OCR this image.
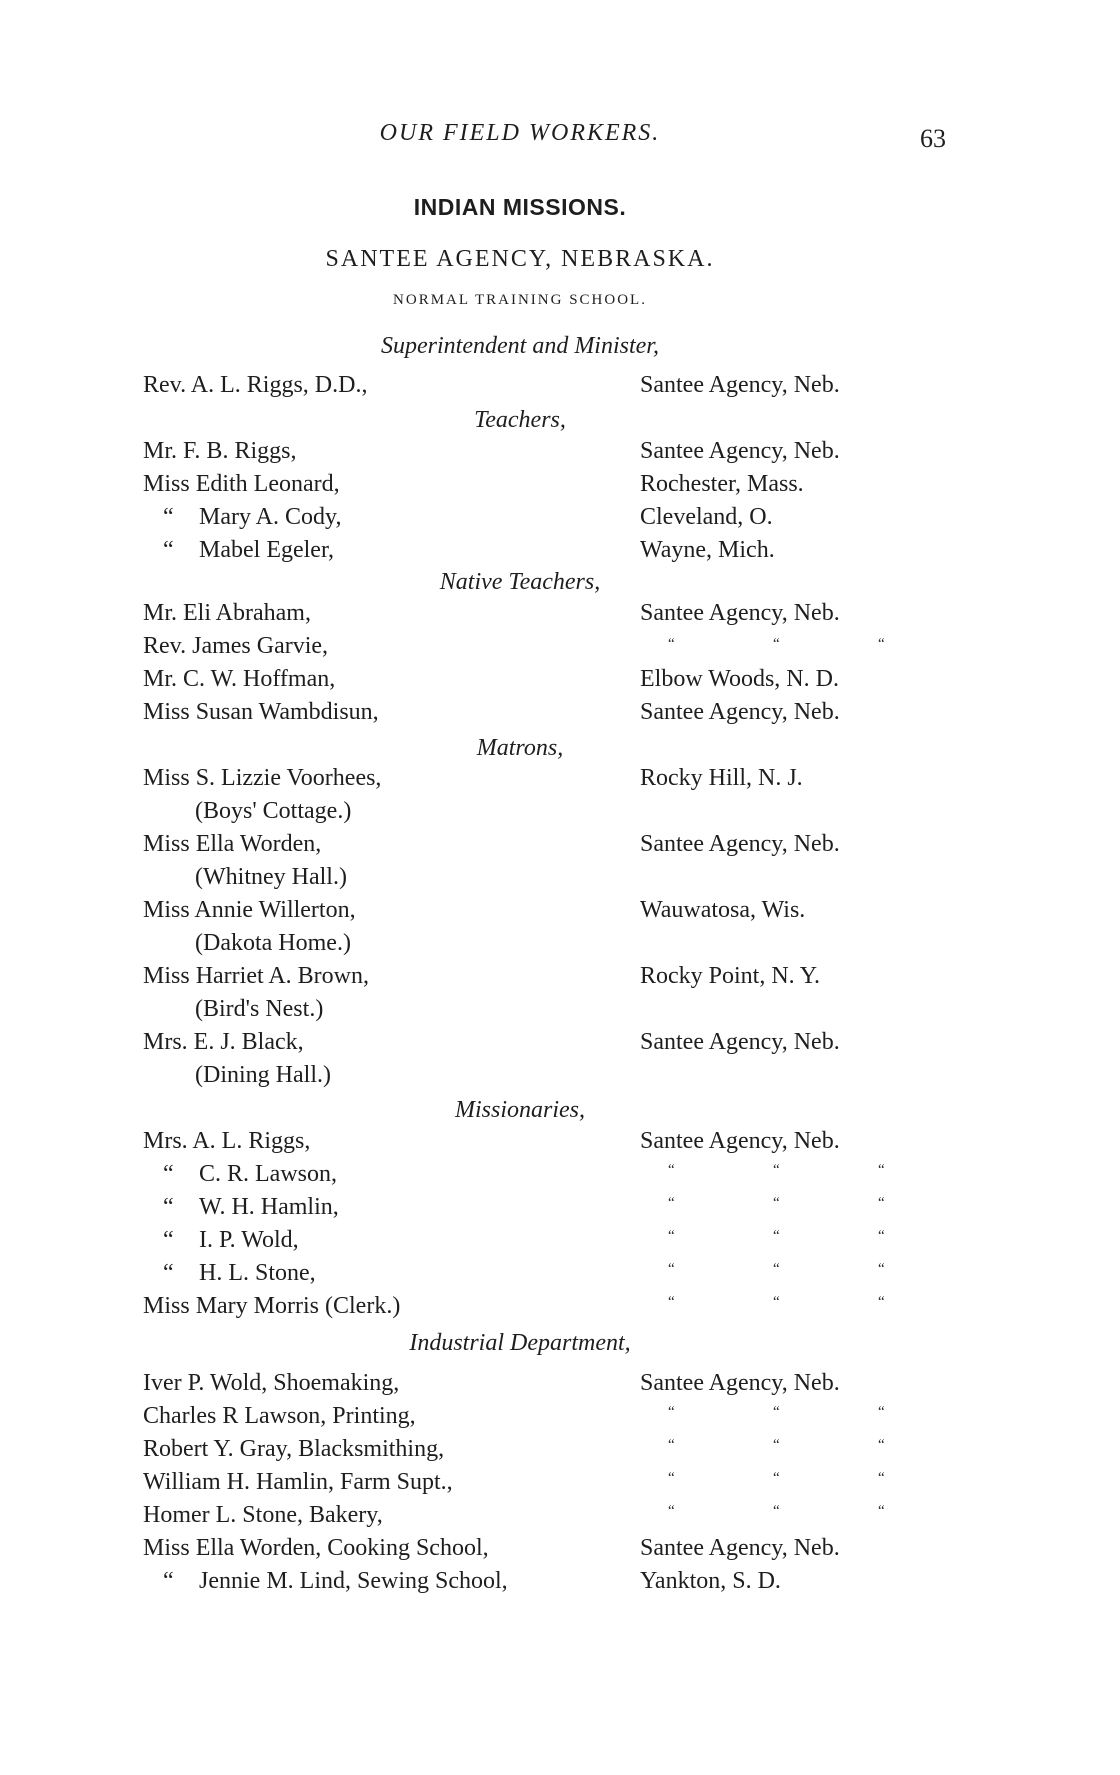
OUR FIELD WORKERS.	63
INDIAN MISSIONS.
SANTEE AGENCY, NEBRASKA.
NORMAL TRAINING SCHOOL.
Superintendent and Minister,
Rev. A. L. Riggs, D.D.,	Santee Agency, Neb.
Teachers,
Mr. F. B. Riggs,	Santee Agency, Neb.
Miss Edith Leonard,	Rochester, Mass.
“ Mary A. Cody,	Cleveland, O.
“ Mabel Egeler,	Wayne, Mich.
Native Teachers,
Mr. Eli Abraham,	Santee Agency, Neb.
Rev. James Garvie,	“	“	“
Mr. C. W. Hoffman,	Elbow Woods, N. D.
Miss Susan Wambdisun,	Santee Agency, Neb.
Matrons,
Miss S. Lizzie Voorhees,	Rocky Hill, N. J.
(Boys' Cottage.)
Miss Ella Worden,	Santee Agency, Neb.
(Whitney Hall.)
Miss Annie Willerton,	Wauwatosa, Wis.
(Dakota Home.)
Miss Harriet A. Brown,	Rocky Point, N. Y.
(Bird's Nest.)
Mrs. E. J. Black,	Santee Agency, Neb.
(Dining Hall.)
Missionaries,
Mrs. A. L. Riggs,	Santee Agency, Neb.
“ C. R. Lawson,	“	“	“
“ W. H. Hamlin,	“	“	“
“ I. P. Wold,	“	“	“
“ H. L. Stone,	“	“	“
Miss Mary Morris (Clerk.)	“	“	“
Industrial Department,
Iver P. Wold, Shoemaking,	Santee Agency, Neb.
Charles R Lawson, Printing,	“	“	“
Robert Y. Gray, Blacksmithing,	“	“	“
William H. Hamlin, Farm Supt.,	“	“	“
Homer L. Stone, Bakery,	“	“	“
Miss Ella Worden, Cooking School,	Santee Agency, Neb.
“ Jennie M. Lind, Sewing School,	Yankton, S. D.
